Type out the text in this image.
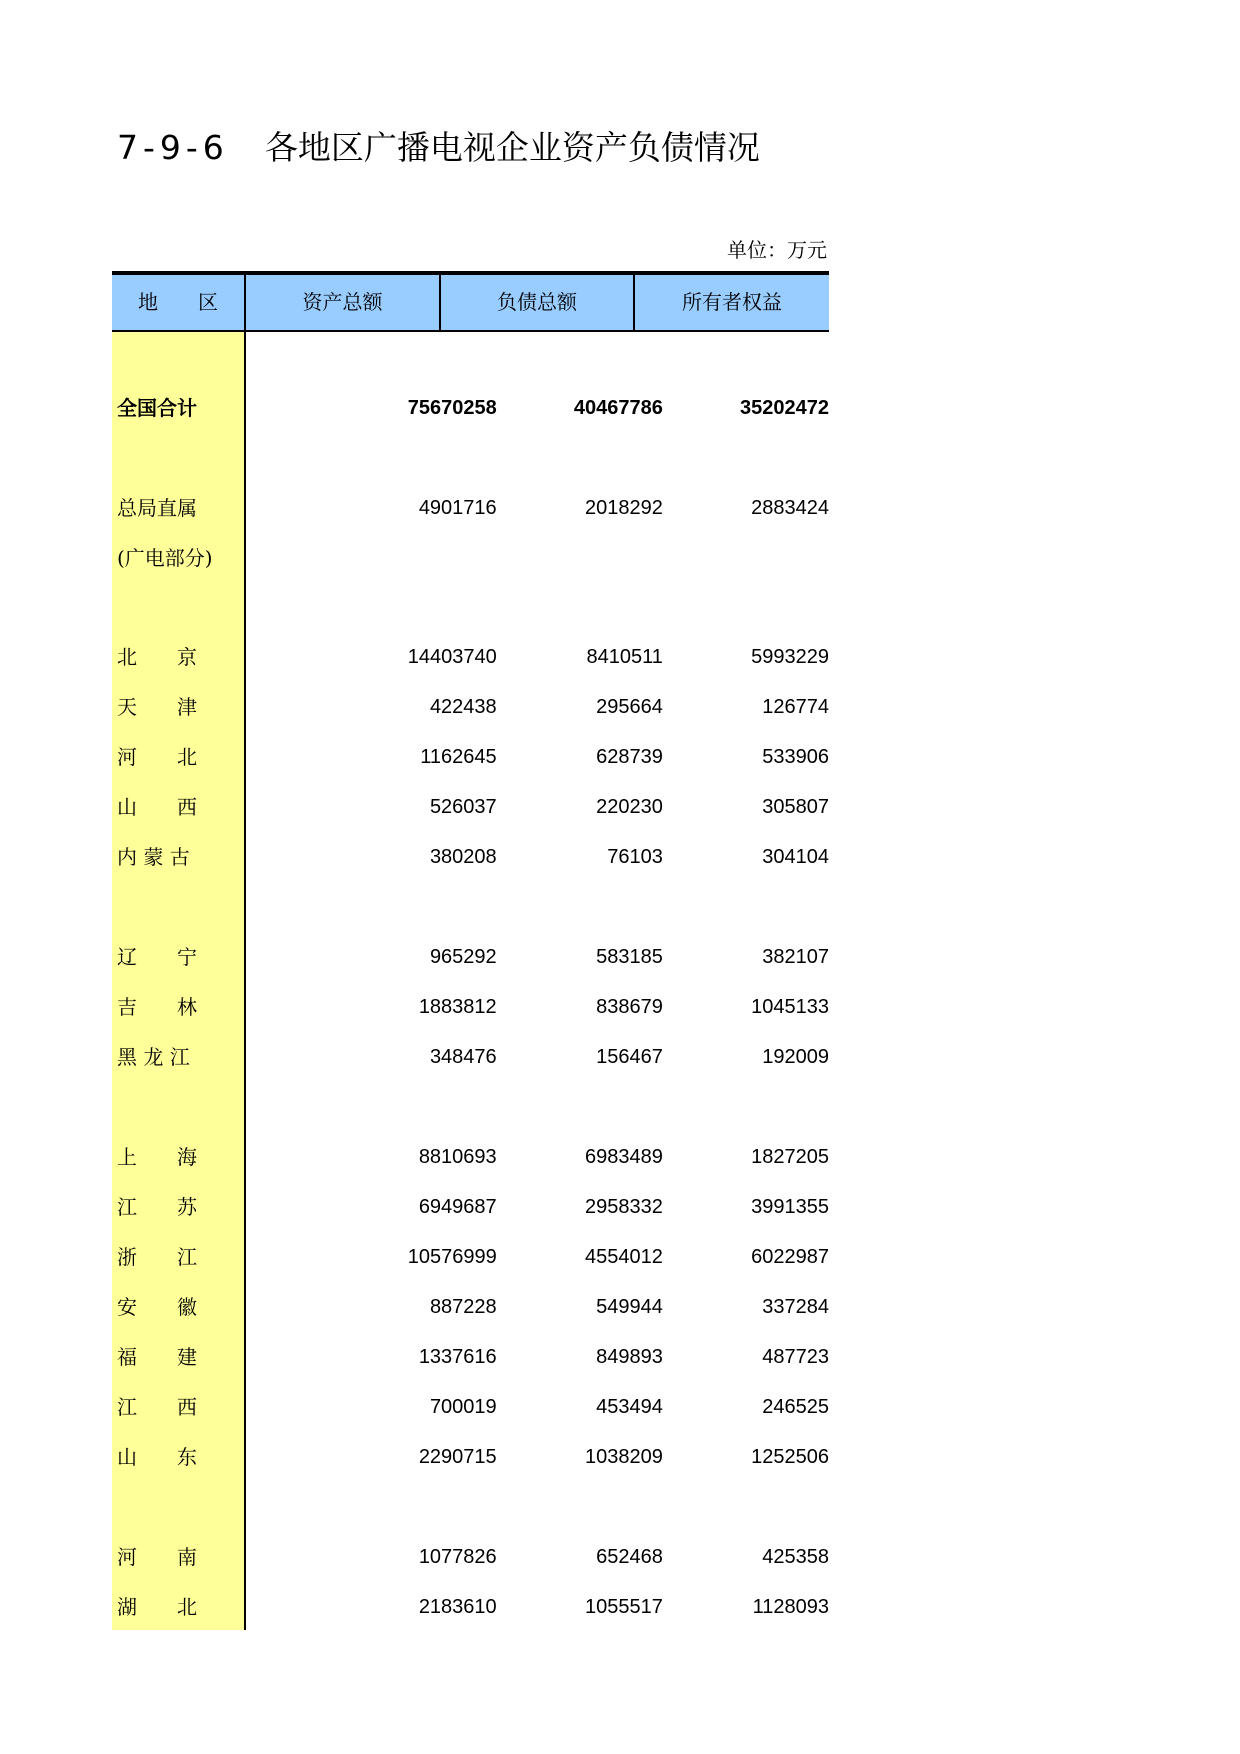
7-9-6 各地区广播电视企业资产负债情况
单位：万元
地　　区	资产总额	负债总额	所有者权益
全国合计	75670258	40467786	35202472
总局直属	4901716	2018292	2883424
(广电部分)
北　　京	14403740	8410511	5993229
天　　津	422438	295664	126774
河　　北	1162645	628739	533906
山　　西	526037	220230	305807
内 蒙 古	380208	76103	304104
辽　　宁	965292	583185	382107
吉　　林	1883812	838679	1045133
黑 龙 江	348476	156467	192009
上　　海	8810693	6983489	1827205
江　　苏	6949687	2958332	3991355
浙　　江	10576999	4554012	6022987
安　　徽	887228	549944	337284
福　　建	1337616	849893	487723
江　　西	700019	453494	246525
山　　东	2290715	1038209	1252506
河　　南	1077826	652468	425358
湖　　北	2183610	1055517	1128093
